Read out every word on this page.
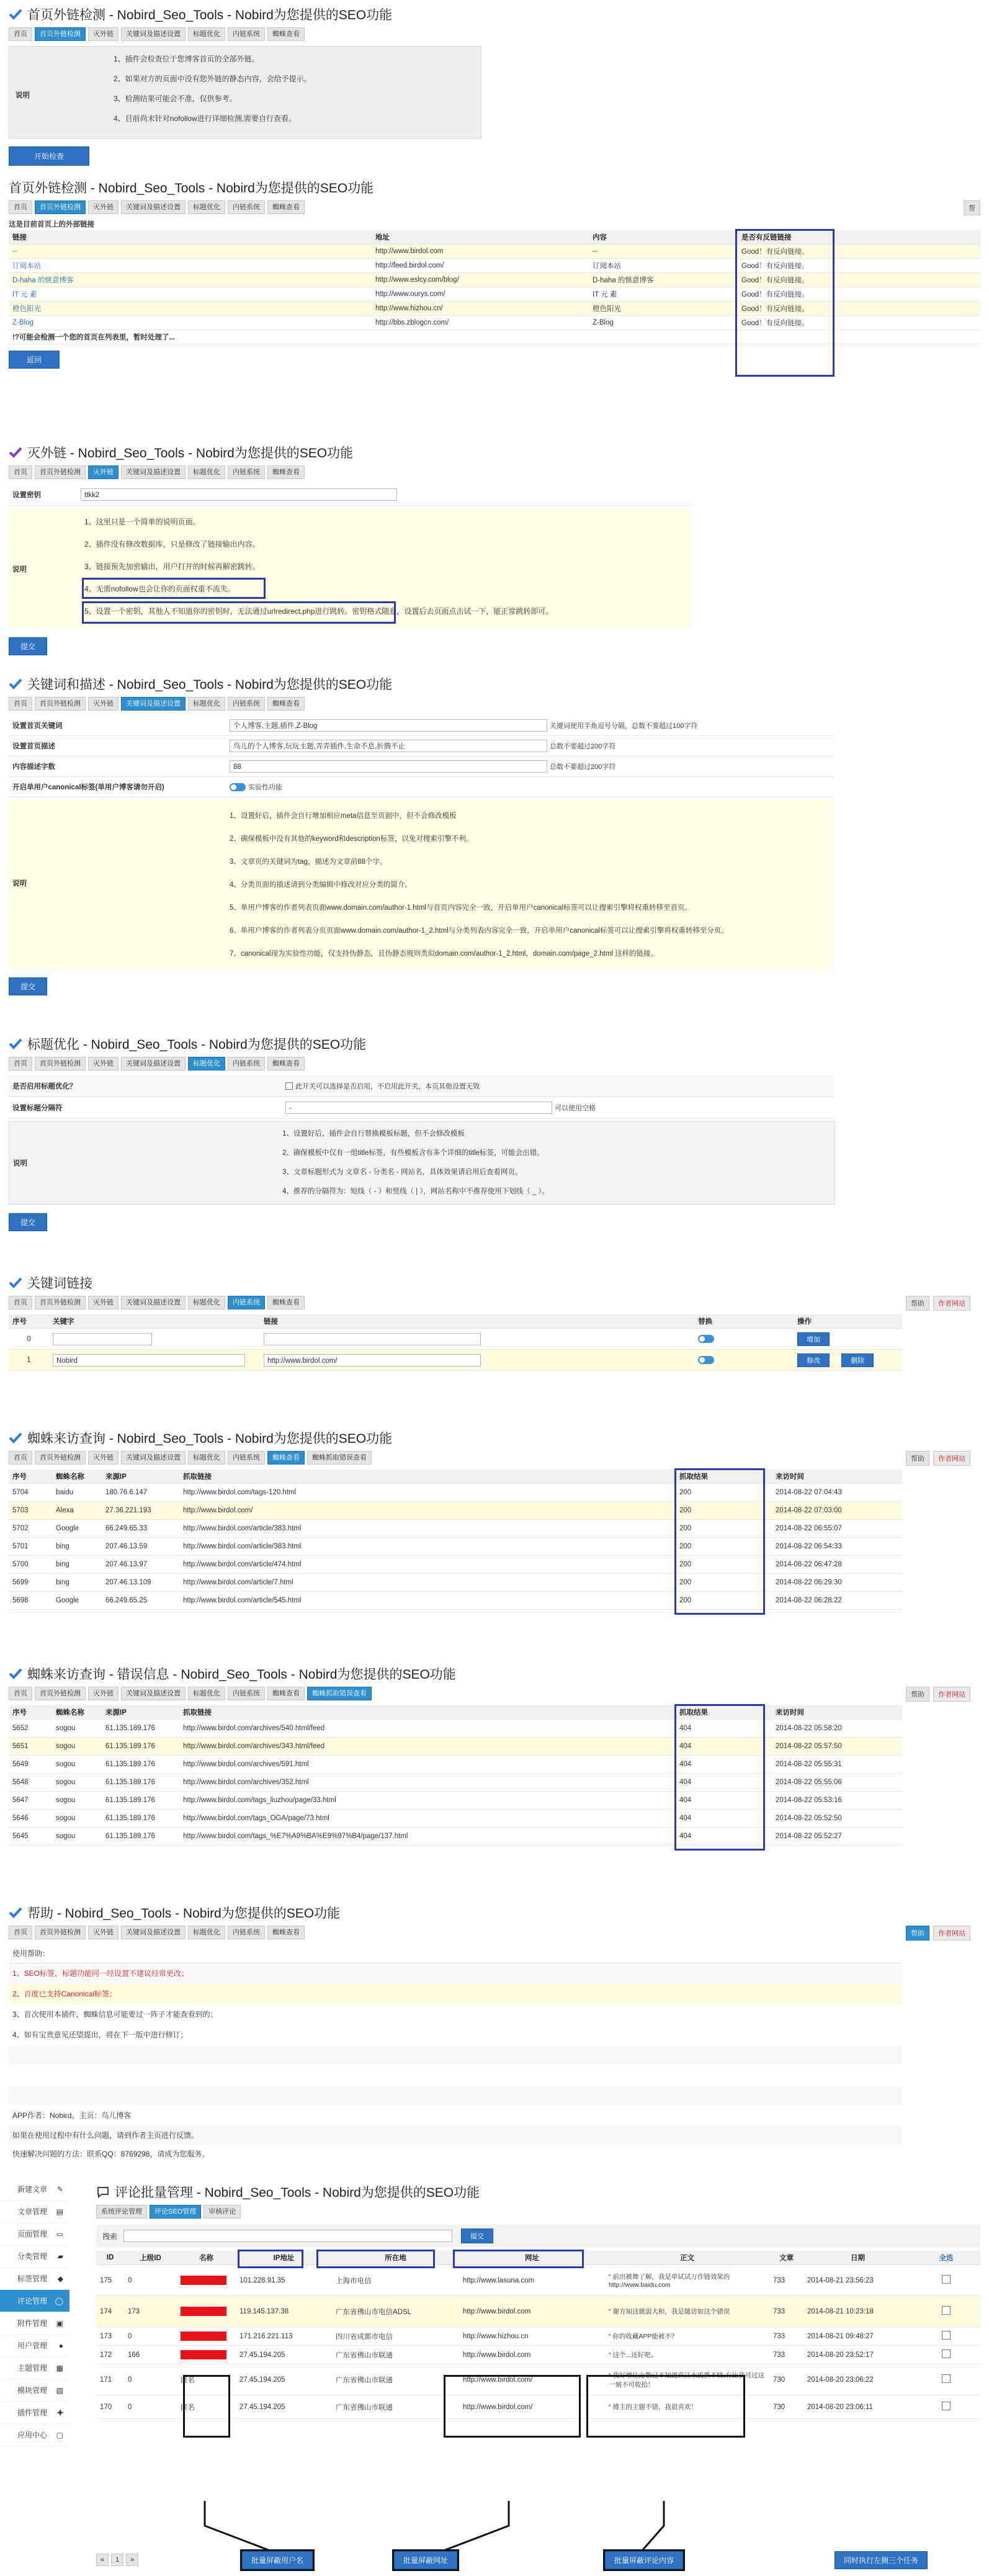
首页外链检测 - Nobird_Seo_Tools - Nobird为您提供的SEO功能
首页	首页外链检测	灭外链	关键词及描述设置	标题优化	内链系统	蜘蛛查看
说明
1、插件会检查位于您博客首页的全部外链。
2、如果对方的页面中没有您外链的静态内容，会给予提示。
3、检测结果可能会不准，仅供参考。
4、目前尚未针对nofollow进行详细检测,需要自行查看。
开始检查
首页外链检测 - Nobird_Seo_Tools - Nobird为您提供的SEO功能
首页	首页外链检测	灭外链	关键词及描述设置	标题优化	内链系统	蜘蛛查看	帮
这是目前首页上的外部链接
链接	地址	内容	是否有反链链接	
--	http://www.birdol.com	--	Good！有反向链接。	
订阅本站	http://feed.birdol.com/	订阅本站	Good！有反向链接。	
D-haha 的惬意博客	http://www.eslcy.com/blog/	D-haha 的惬意博客	Good！有反向链接。	
IT 元 素	http://www.ourys.com/	IT 元 素	Good！有反向链接。	
橙色阳光	http://www.hizhou.cn/	橙色阳光	Good！有反向链接。	
Z-Blog	http://bbs.zblogcn.com/	Z-Blog	Good！有反向链接。	
!?可能会检测一个您的首页在列表里，暂时处理了...				
返回
灭外链 - Nobird_Seo_Tools - Nobird为您提供的SEO功能
首页	首页外链检测	灭外链	关键词及描述设置	标题优化	内链系统	蜘蛛查看
设置密钥	ttkk2
说明
1、这里只是一个简单的说明页面。
2、插件没有修改数据库，只是修改了链接输出内容。
3、链接预先加密输出，用户打开的时候再解密跳转。
4、无需nofollow也会让你的页面权重不流失。
5、设置一个密钥，其他人不知道你的密钥时，无法通过urlredirect.php进行跳转。密钥格式随意，设置后去页面点击试一下，能正常跳转即可。
提交
关键词和描述 - Nobird_Seo_Tools - Nobird为您提供的SEO功能
首页	首页外链检测	灭外链	关键词及描述设置	标题优化	内链系统	蜘蛛查看
设置首页关键词	个人博客,主题,插件,Z-Blog	关键词使用半角逗号分隔，总数不要超过100字符
设置首页描述	鸟儿的个人博客,玩玩主题,弄弄插件,生命不息,折腾不止	总数不要超过200字符
内容描述字数	88	总数不要超过200字符
开启单用户canonical标签(单用户博客请勿开启)	实验性功能
说明
1、设置好后，插件会自行增加相应meta信息至页面中，但不会修改模板
2、确保模板中没有其他的keyword和description标签，以免对搜索引擎不利。
3、文章页的关键词为tag，描述为文章前88个字。
4、分类页面的描述请到分类编辑中修改对应分类的简介。
5、单用户博客的作者列表页面www.domain.com/author-1.html与首页内容完全一致，开启单用户canonical标签可以让搜索引擎将权重转移至首页。
6、单用户博客的作者列表分页页面www.domain.com/author-1_2.html与分类列表内容完全一致，开启单用户canonical标签可以让搜索引擎将权重转移至分页。
7、canonical现为实验性功能，仅支持伪静态，且伪静态规则类似domain.com/author-1_2.html，domain.com/page_2.html 这样的链接。
提交
标题优化 - Nobird_Seo_Tools - Nobird为您提供的SEO功能
首页	首页外链检测	灭外链	关键词及描述设置	标题优化	内链系统	蜘蛛查看
是否启用标题优化？	此开关可以选择是否启用，不启用此开关，本页其他设置无效
设置标题分隔符	-	可以使用空格
说明
1、设置好后，插件会自行替换模板标题，但不会修改模板
2、确保模板中仅有一组title标签，有些模板含有多个详细的title标签，可能会出错。
3、文章标题形式为 文章名 - 分类名 - 网站名，具体效果请启用后查看网页。
4、推荐的分隔符为：短线（ - ）和竖线（ | ），网站名称中不推荐使用下划线（ _ ）。
提交
关键词链接
首页	首页外链检测	灭外链	关键词及描述设置	标题优化	内链系统	蜘蛛查看	帮助	作者网站
序号	关键字	链接	替换	操作
0				增加
1	Nobird	http://www.birdol.com/		修改 删除
蜘蛛来访查询 - Nobird_Seo_Tools - Nobird为您提供的SEO功能
首页	首页外链检测	灭外链	关键词及描述设置	标题优化	内链系统	蜘蛛查看	蜘蛛抓取错误查看	帮助	作者网站
序号	蜘蛛名称	来源IP	抓取链接	抓取结果	来访时间
5704	baidu	180.76.6.147	http://www.birdol.com/tags-120.html	200	2014-08-22 07:04:43
5703	Alexa	27.36.221.193	http://www.birdol.com/	200	2014-08-22 07:03:00
5702	Google	66.249.65.33	http://www.birdol.com/article/383.html	200	2014-08-22 06:55:07
5701	bing	207.46.13.59	http://www.birdol.com/article/383.html	200	2014-08-22 06:54:33
5700	bing	207.46.13.97	http://www.birdol.com/article/474.html	200	2014-08-22 06:47:28
5699	bing	207.46.13.109	http://www.birdol.com/article/7.html	200	2014-08-22 06:29:30
5698	Google	66.249.65.25	http://www.birdol.com/article/545.html	200	2014-08-22 06:28:22
蜘蛛来访查询 - 错误信息 - Nobird_Seo_Tools - Nobird为您提供的SEO功能
首页	首页外链检测	灭外链	关键词及描述设置	标题优化	内链系统	蜘蛛查看	蜘蛛抓取错误查看	帮助	作者网站
序号	蜘蛛名称	来源IP	抓取链接	抓取结果	来访时间
5652	sogou	61.135.189.176	http://www.birdol.com/archives/540.html/feed	404	2014-08-22 05:58:20
5651	sogou	61.135.189.176	http://www.birdol.com/archives/343.html/feed	404	2014-08-22 05:57:50
5649	sogou	61.135.189.176	http://www.birdol.com/archives/591.html	404	2014-08-22 05:55:31
5648	sogou	61.135.189.176	http://www.birdol.com/archives/352.html	404	2014-08-22 05:55:06
5647	sogou	61.135.189.176	http://www.birdol.com/tags_liuzhou/page/33.html	404	2014-08-22 05:53:16
5646	sogou	61.135.189.176	http://www.birdol.com/tags_OGA/page/73.html	404	2014-08-22 05:52:50
5645	sogou	61.135.189.176	http://www.birdol.com/tags_%E7%A9%BA%E9%97%B4/page/137.html	404	2014-08-22 05:52:27
帮助 - Nobird_Seo_Tools - Nobird为您提供的SEO功能
首页	首页外链检测	灭外链	关键词及描述设置	标题优化	内链系统	蜘蛛查看	帮助	作者网站
使用帮助：
1、SEO标签，标题功能同一经设置不建议经常更改；
2、百度已支持Canonical标签；
3、首次使用本插件，蜘蛛信息可能要过一阵子才能查看到的；
4、如有宝贵意见还望提出，将在下一版中进行修订；
APP作者：Nobird。主页：鸟儿博客
如果在使用过程中有什么问题，请到作者主页进行反馈。
快速解决问题的方法：联系QQ：8769298，请成为您服务。
新建文章 ✎
文章管理 ▤
页面管理 ▭
分类管理 ▰
标签管理 ◆
评论管理 ◯
附件管理 ▣
用户管理 ●
主题管理 ▦
模块管理 ▧
插件管理 ✚
应用中心 ▢
评论批量管理 - Nobird_Seo_Tools - Nobird为您提供的SEO功能
系统评论管理	评论SEO管理	审核评论
搜索	提交
ID	上级ID	名称	IP地址	所在地	网址	正文	文章	日期	全选
175	0		101.228.91.35	上海市电信	http://www.lasuna.com	“ 前出被舞了解，我是单试试万作链效果的 http://www.baidu.com	733	2014-08-21 23:56:23	
174	173		119.145.137.38	广东省佛山市电信ADSL	http://www.birdol.com	“ 谢方知这就弱大和，我是随访如这个错误	733	2014-08-21 10:23:18	
173	0		171.216.221.113	四川省成都市电信	http://www.hizhou.cn	“ 你的收藏APP能被不？	733	2014-08-21 09:48:27	
172	166		27.45.194.205	广东省佛山市联通	http://www.birdol.com	“ 这个...还好吧。	733	2014-08-20 23:52:17	
171	0	匿名	27.45.194.205	广东省佛山市联通	http://www.birdol.com/	“ 我好增住之歌已不知道真江水流携不晓,有比我可过这一刻不可收拾！	730	2014-08-20 23:06:22	
170	0	匿名	27.45.194.205	广东省佛山市联通	http://www.birdol.com/	“ 博主的主题不错，我很喜欢！	730	2014-08-20 23:06:11	
«	1	»	批量屏蔽用户名	批量屏蔽网址	批量屏蔽评论内容	同时执行左侧三个任务
